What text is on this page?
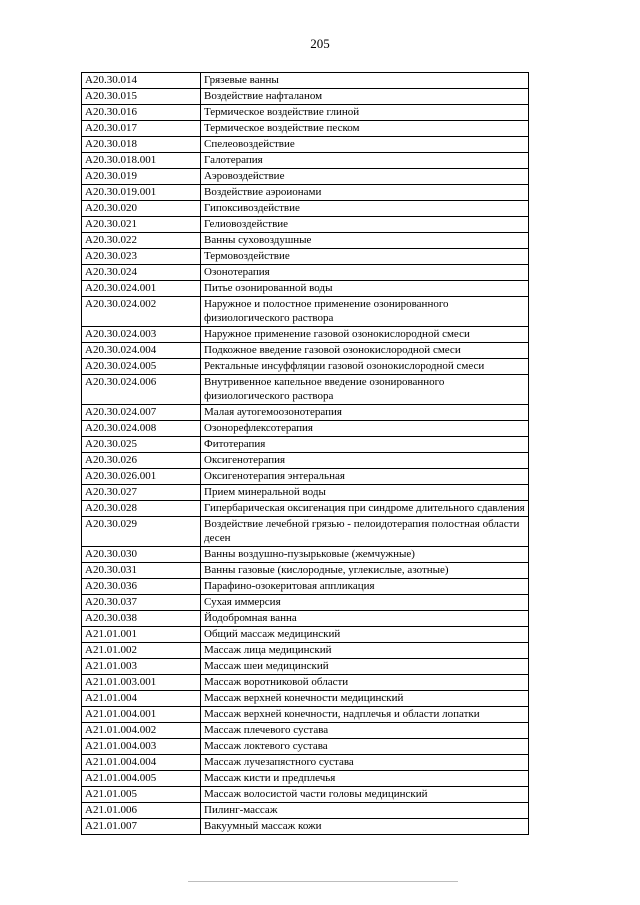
205
A20.30.014	Грязевые ванны
A20.30.015	Воздействие нафталаном
A20.30.016	Термическое воздействие глиной
A20.30.017	Термическое воздействие песком
A20.30.018	Спелеовоздействие
A20.30.018.001	Галотерапия
A20.30.019	Аэровоздействие
A20.30.019.001	Воздействие аэроионами
A20.30.020	Гипоксивоздействие
A20.30.021	Гелиовоздействие
A20.30.022	Ванны суховоздушные
A20.30.023	Термовоздействие
A20.30.024	Озонотерапия
A20.30.024.001	Питье озонированной воды
A20.30.024.002	Наружное и полостное применение озонированного физиологического раствора
A20.30.024.003	Наружное применение газовой озонокислородной смеси
A20.30.024.004	Подкожное введение газовой озонокислородной смеси
A20.30.024.005	Ректальные инсуффляции газовой озонокислородной смеси
A20.30.024.006	Внутривенное капельное введение озонированного физиологического раствора
A20.30.024.007	Малая аутогемоозонотерапия
A20.30.024.008	Озонорефлексотерапия
A20.30.025	Фитотерапия
A20.30.026	Оксигенотерапия
A20.30.026.001	Оксигенотерапия энтеральная
A20.30.027	Прием минеральной воды
A20.30.028	Гипербарическая оксигенация при синдроме длительного сдавления
A20.30.029	Воздействие лечебной грязью - пелоидотерапия полостная области десен
A20.30.030	Ванны воздушно-пузырьковые (жемчужные)
A20.30.031	Ванны газовые (кислородные, углекислые, азотные)
A20.30.036	Парафино-озокеритовая аппликация
A20.30.037	Сухая иммерсия
A20.30.038	Йодобромная ванна
A21.01.001	Общий массаж медицинский
A21.01.002	Массаж лица медицинский
A21.01.003	Массаж шеи медицинский
A21.01.003.001	Массаж воротниковой области
A21.01.004	Массаж верхней конечности медицинский
A21.01.004.001	Массаж верхней конечности, надплечья и области лопатки
A21.01.004.002	Массаж плечевого сустава
A21.01.004.003	Массаж локтевого сустава
A21.01.004.004	Массаж лучезапястного сустава
A21.01.004.005	Массаж кисти и предплечья
A21.01.005	Массаж волосистой части головы медицинский
A21.01.006	Пилинг-массаж
A21.01.007	Вакуумный массаж кожи
